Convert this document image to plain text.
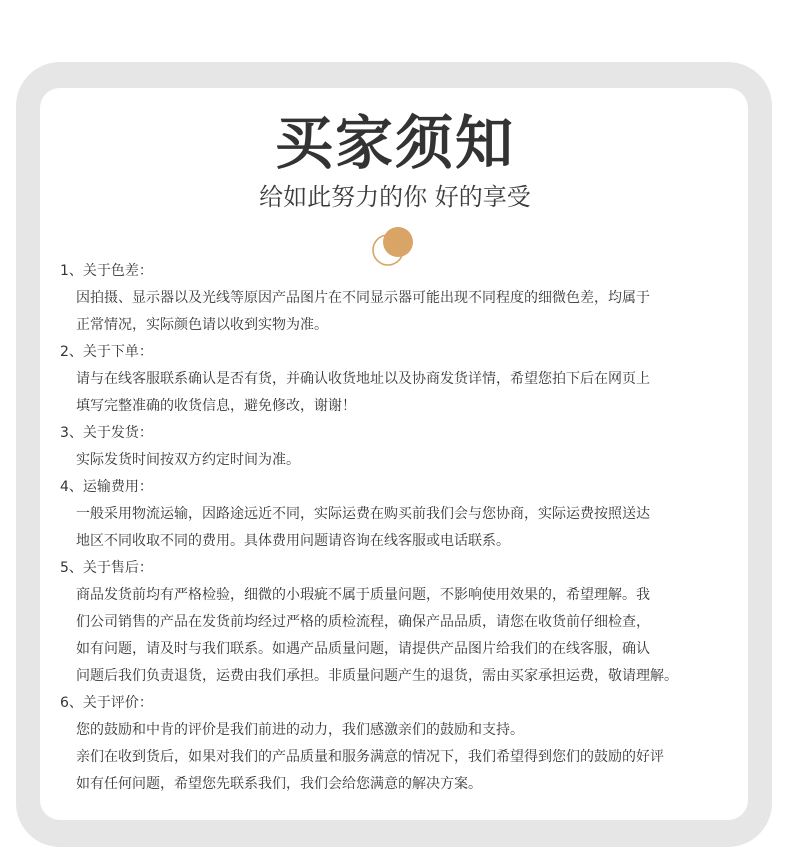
买家须知

给如此努力的你 好的享受

1、关于色差：

因拍摄、显示器以及光线等原因产品图片在不同显示器可能出现不同程度的细微色差，均属于

正常情况，实际颜色请以收到实物为准。

2、关于下单：

请与在线客服联系确认是否有货，并确认收货地址以及协商发货详情，希望您拍下后在网页上

填写完整准确的收货信息，避免修改，谢谢！

3、关于发货：

实际发货时间按双方约定时间为准。

4、运输费用：

一般采用物流运输，因路途远近不同，实际运费在购买前我们会与您协商，实际运费按照送达

地区不同收取不同的费用。具体费用问题请咨询在线客服或电话联系。

5、关于售后：

商品发货前均有严格检验，细微的小瑕疵不属于质量问题，不影响使用效果的，希望理解。我

们公司销售的产品在发货前均经过严格的质检流程，确保产品品质，请您在收货前仔细检查，

如有问题，请及时与我们联系。如遇产品质量问题，请提供产品图片给我们的在线客服，确认

问题后我们负责退货，运费由我们承担。非质量问题产生的退货，需由买家承担运费，敬请理解。

6、关于评价：

您的鼓励和中肯的评价是我们前进的动力，我们感激亲们的鼓励和支持。

亲们在收到货后，如果对我们的产品质量和服务满意的情况下，我们希望得到您们的鼓励的好评

如有任何问题，希望您先联系我们，我们会给您满意的解决方案。
